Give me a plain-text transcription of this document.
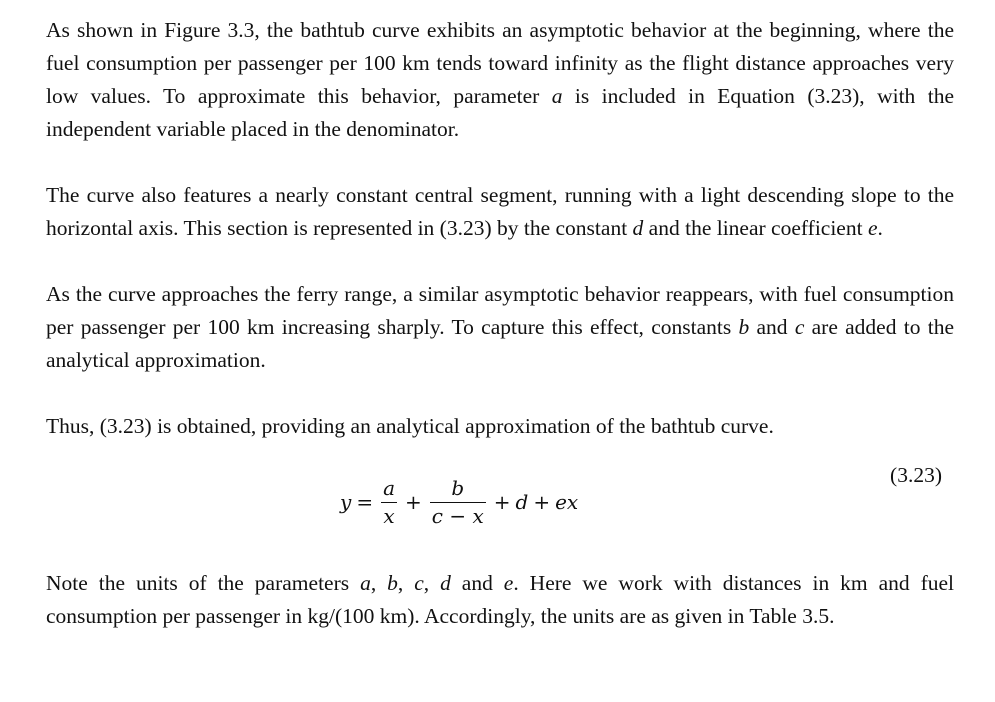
As shown in Figure 3.3, the bathtub curve exhibits an asymptotic behavior at the beginning, where the fuel consumption per passenger per 100 km tends toward infinity as the flight distance approaches very low values. To approximate this behavior, parameter a is included in Equation (3.23), with the independent variable placed in the denominator.

The curve also features a nearly constant central segment, running with a light descending slope to the horizontal axis. This section is represented in (3.23) by the constant d and the linear coefficient e.

As the curve approaches the ferry range, a similar asymptotic behavior reappears, with fuel consumption per passenger per 100 km increasing sharply. To capture this effect, constants b and c are added to the analytical approximation.

Thus, (3.23) is obtained, providing an analytical approximation of the bathtub curve.

$y = \frac{a}{x} + \frac{b}{c - x} + d$ + ex
(3.23)

Note the units of the parameters a, b, c, d and e. Here we work with distances in km and fuel consumption per passenger in kg/(100 km). Accordingly, the units are as given in Table 3.5.
